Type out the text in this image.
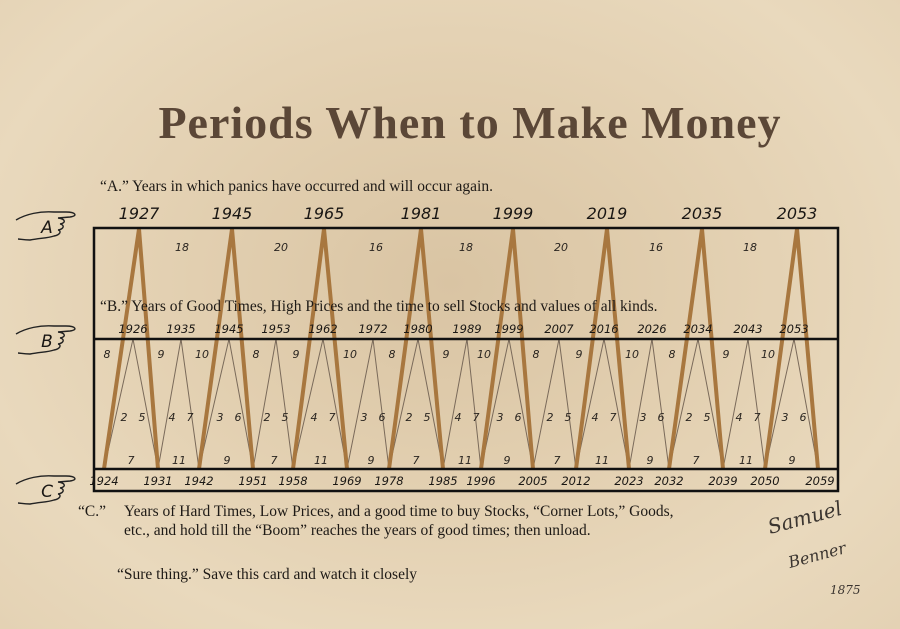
Periods When to Make Money
“A.” Years in which panics have occurred and will occur again.
“B.” Years of Good Times, High Prices and the time to sell Stocks and values of all kinds.
“C.” Years of Hard Times, Low Prices, and a good time to buy Stocks, “Corner Lots,” Goods,
etc., and hold till the “Boom” reaches the years of good times; then unload.
“Sure thing.” Save this card and watch it closely
1927	1945	1965	1981	1999	2019	2035	2053
18	20	16	18	20	16	18
1926 1935 1945 1953 1962 1972 1980 1989 1999 2007 2016 2026 2034 2043 2053
1924 1931 1942 1951 1958 1969 1978 1985 1996 2005 2012 2023 2032 2039 2050 2059
8	9	10	8	9	10	8	9	10	8	9	10	8	9	10
2 5 4 7 3 6 2 5 4 7 3 6 2 5 4 7 3 6 2 5 4 7 3 6 2 5 4 7 3 6
7	11	9	7	11	9	7	11	9	7	11	9	7	11	9
A
B
C
Samuel
Benner
1875
